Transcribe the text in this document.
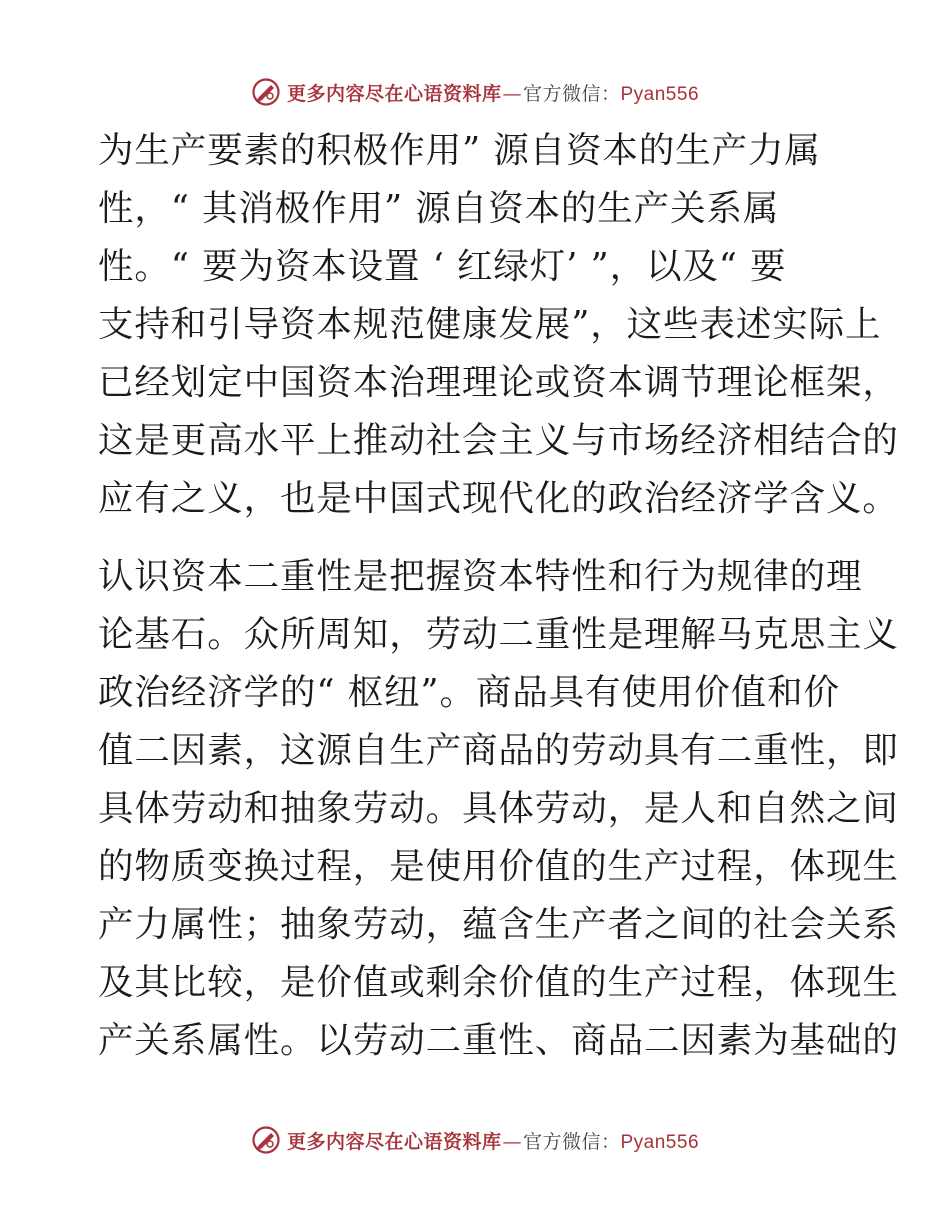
更多内容尽在心语资料库 — 官方微信： Pyan556

为生产要素的积极作用” 源自资本的生产力属

性，“ 其消极作用” 源自资本的生产关系属

性。“ 要为资本设置 ‘ 红绿灯’ ”，以及“ 要

支持和引导资本规范健康发展”，这些表述实际上

已经划定中国资本治理理论或资本调节理论框架，

这是更高水平上推动社会主义与市场经济相结合的

应有之义，也是中国式现代化的政治经济学含义。

认识资本二重性是把握资本特性和行为规律的理

论基石。众所周知，劳动二重性是理解马克思主义

政治经济学的“ 枢纽”。商品具有使用价值和价

值二因素，这源自生产商品的劳动具有二重性，即

具体劳动和抽象劳动。具体劳动，是人和自然之间

的物质变换过程，是使用价值的生产过程，体现生

产力属性；抽象劳动，蕴含生产者之间的社会关系

及其比较，是价值或剩余价值的生产过程，体现生

产关系属性。以劳动二重性、商品二因素为基础的

更多内容尽在心语资料库 — 官方微信： Pyan556
